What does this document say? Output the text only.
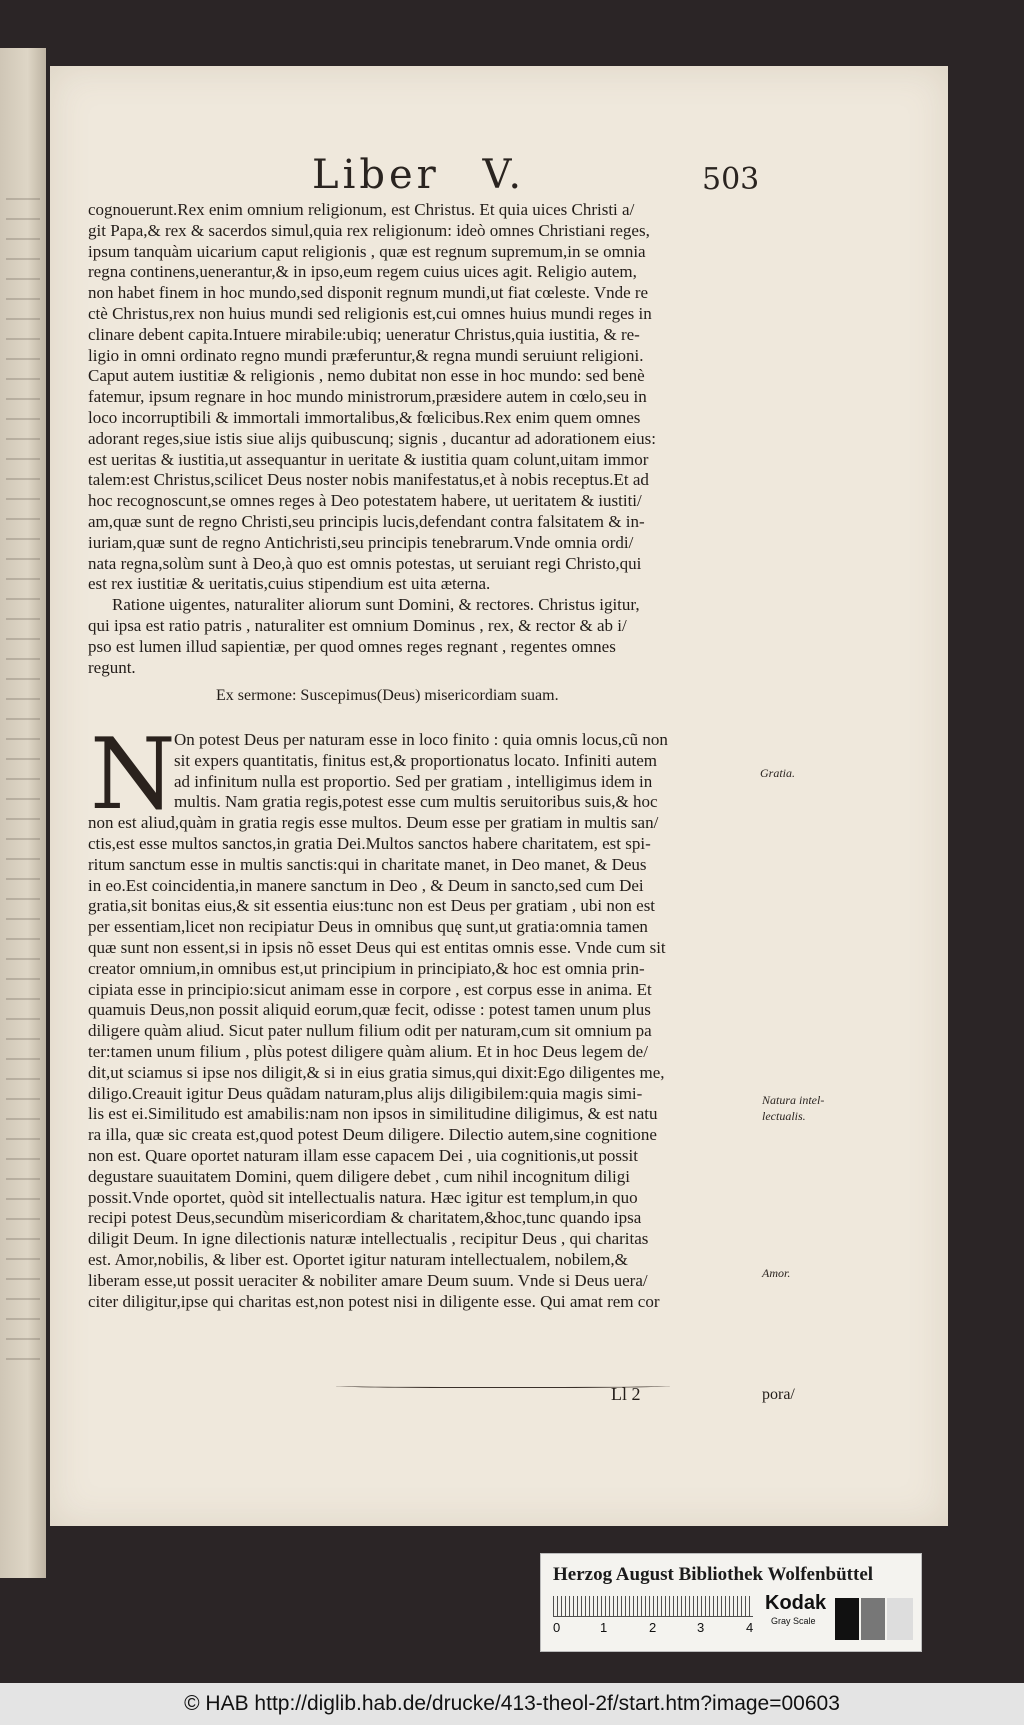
Liber V.	503
cognouerunt.Rex enim omnium religionum, est Christus. Et quia uices Christi a/
git Papa,& rex & sacerdos simul,quia rex religionum: ideò omnes Christiani reges,
ipsum tanquàm uicarium caput religionis , quæ est regnum supremum,in se omnia
regna continens,uenerantur,& in ipso,eum regem cuius uices agit. Religio autem,
non habet finem in hoc mundo,sed disponit regnum mundi,ut fiat cœleste. Vnde re
ctè Christus,rex non huius mundi sed religionis est,cui omnes huius mundi reges in
clinare debent capita.Intuere mirabile:ubiq; ueneratur Christus,quia iustitia, & re-
ligio in omni ordinato regno mundi præferuntur,& regna mundi seruiunt religioni.
Caput autem iustitiæ & religionis , nemo dubitat non esse in hoc mundo: sed benè
fatemur, ipsum regnare in hoc mundo ministrorum,præsidere autem in cœlo,seu in
loco incorruptibili & immortali immortalibus,& fœlicibus.Rex enim quem omnes
adorant reges,siue istis siue alijs quibuscunq; signis , ducantur ad adorationem eius:
est ueritas & iustitia,ut assequantur in ueritate & iustitia quam colunt,uitam immor
talem:est Christus,scilicet Deus noster nobis manifestatus,et à nobis receptus.Et ad
hoc recognoscunt,se omnes reges à Deo potestatem habere, ut ueritatem & iustiti/
am,quæ sunt de regno Christi,seu principis lucis,defendant contra falsitatem & in-
iuriam,quæ sunt de regno Antichristi,seu principis tenebrarum.Vnde omnia ordi/
nata regna,solùm sunt à Deo,à quo est omnis potestas, ut seruiant regi Christo,qui
est rex iustitiæ & ueritatis,cuius stipendium est uita æterna.
Ratione uigentes, naturaliter aliorum sunt Domini, & rectores. Christus igitur,
qui ipsa est ratio patris , naturaliter est omnium Dominus , rex, & rector & ab i/
pso est lumen illud sapientiæ, per quod omnes reges regnant , regentes omnes
regunt.
Ex sermone: Suscepimus(Deus) misericordiam suam.
N
On potest Deus per naturam esse in loco finito : quia omnis locus,cũ non
sit expers quantitatis, finitus est,& proportionatus locato. Infiniti autem
ad infinitum nulla est proportio. Sed per gratiam , intelligimus idem in
multis. Nam gratia regis,potest esse cum multis seruitoribus suis,& hoc
non est aliud,quàm in gratia regis esse multos. Deum esse per gratiam in multis san/
ctis,est esse multos sanctos,in gratia Dei.Multos sanctos habere charitatem, est spi-
ritum sanctum esse in multis sanctis:qui in charitate manet, in Deo manet, & Deus
in eo.Est coincidentia,in manere sanctum in Deo , & Deum in sancto,sed cum Dei
gratia,sit bonitas eius,& sit essentia eius:tunc non est Deus per gratiam , ubi non est
per essentiam,licet non recipiatur Deus in omnibus quę sunt,ut gratia:omnia tamen
quæ sunt non essent,si in ipsis nõ esset Deus qui est entitas omnis esse. Vnde cum sit
creator omnium,in omnibus est,ut principium in principiato,& hoc est omnia prin-
cipiata esse in principio:sicut animam esse in corpore , est corpus esse in anima. Et
quamuis Deus,non possit aliquid eorum,quæ fecit, odisse : potest tamen unum plus
diligere quàm aliud. Sicut pater nullum filium odit per naturam,cum sit omnium pa
ter:tamen unum filium , plùs potest diligere quàm alium. Et in hoc Deus legem de/
dit,ut sciamus si ipse nos diligit,& si in eius gratia simus,qui dixit:Ego diligentes me,
diligo.Creauit igitur Deus quãdam naturam,plus alijs diligibilem:quia magis simi-
lis est ei.Similitudo est amabilis:nam non ipsos in similitudine diligimus, & est natu
ra illa, quæ sic creata est,quod potest Deum diligere. Dilectio autem,sine cognitione
non est. Quare oportet naturam illam esse capacem Dei , uia cognitionis,ut possit
degustare suauitatem Domini, quem diligere debet , cum nihil incognitum diligi
possit.Vnde oportet, quòd sit intellectualis natura. Hæc igitur est templum,in quo
recipi potest Deus,secundùm misericordiam & charitatem,&hoc,tunc quando ipsa
diligit Deum. In igne dilectionis naturæ intellectualis , recipitur Deus , qui charitas
est. Amor,nobilis, & liber est. Oportet igitur naturam intellectualem, nobilem,&
liberam esse,ut possit ueraciter & nobiliter amare Deum suum. Vnde si Deus uera/
citer diligitur,ipse qui charitas est,non potest nisi in diligente esse. Qui amat rem cor
Gratia.
Natura intel-
lectualis.
Amor.
Ll 2	pora/
Herzog August Bibliothek Wolfenbüttel
0	1	2	3	4
Kodak
Gray Scale
© HAB http://diglib.hab.de/drucke/413-theol-2f/start.htm?image=00603
